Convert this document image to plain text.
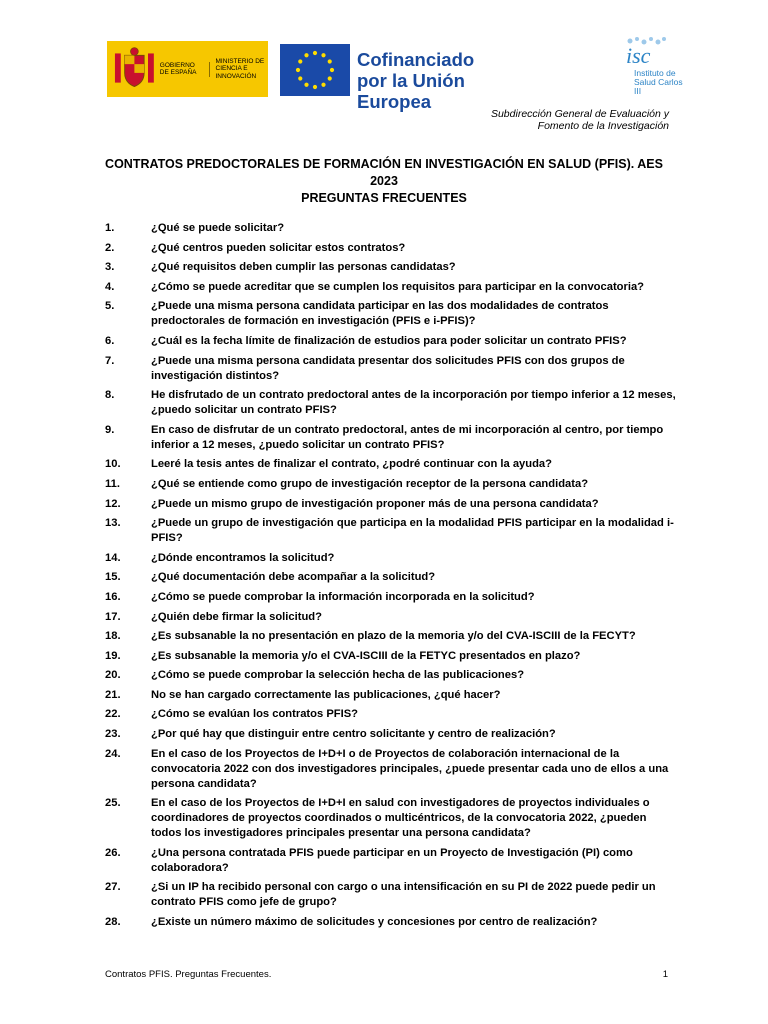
GOBIERNO DE ESPAÑA
MINISTERIO DE CIENCIA E INNOVACIÓN
Cofinanciado por la Unión Europea
isc
Instituto de Salud Carlos III
Subdirección General de Evaluación y
Fomento de la Investigación
CONTRATOS PREDOCTORALES DE FORMACIÓN EN INVESTIGACIÓN EN SALUD (PFIS). AES 2023
PREGUNTAS FRECUENTES
1.	¿Qué se puede solicitar?
2.	¿Qué centros pueden solicitar estos contratos?
3.	¿Qué requisitos deben cumplir las personas candidatas?
4.	¿Cómo se puede acreditar que se cumplen los requisitos para participar en la convocatoria?
5.	¿Puede una misma persona candidata participar en las dos modalidades de contratos predoctorales de formación en investigación (PFIS e i-PFIS)?
6.	¿Cuál es la fecha límite de finalización de estudios para poder solicitar un contrato PFIS?
7.	¿Puede una misma persona candidata presentar dos solicitudes PFIS con dos grupos de investigación distintos?
8.	He disfrutado de un contrato predoctoral antes de la incorporación por tiempo inferior a 12 meses, ¿puedo solicitar un contrato PFIS?
9.	En caso de disfrutar de un contrato predoctoral, antes de mi incorporación al centro, por tiempo inferior a 12 meses, ¿puedo solicitar un contrato PFIS?
10.	Leeré la tesis antes de finalizar el contrato, ¿podré continuar con la ayuda?
11.	¿Qué se entiende como grupo de investigación receptor de la persona candidata?
12.	¿Puede un mismo grupo de investigación proponer más de una persona candidata?
13.	¿Puede un grupo de investigación que participa en la modalidad PFIS participar en la modalidad i-PFIS?
14.	¿Dónde encontramos la solicitud?
15.	¿Qué documentación debe acompañar a la solicitud?
16.	¿Cómo se puede comprobar la información incorporada en la solicitud?
17.	¿Quién debe firmar la solicitud?
18.	¿Es subsanable la no presentación en plazo de la memoria y/o del CVA-ISCIII de la FECYT?
19.	¿Es subsanable la memoria y/o el CVA-ISCIII de la FETYC presentados en plazo?
20.	¿Cómo se puede comprobar la selección hecha de las publicaciones?
21.	No se han cargado correctamente las publicaciones, ¿qué hacer?
22.	¿Cómo se evalúan los contratos PFIS?
23.	¿Por qué hay que distinguir entre centro solicitante y centro de realización?
24.	En el caso de los Proyectos de I+D+I o de Proyectos de colaboración internacional de la convocatoria 2022 con dos investigadores principales, ¿puede presentar cada uno de ellos a una persona candidata?
25.	En el caso de los Proyectos de I+D+I en salud con investigadores de proyectos individuales o coordinadores de proyectos coordinados o multicéntricos, de la convocatoria 2022, ¿pueden todos los investigadores principales presentar una persona candidata?
26.	¿Una persona contratada PFIS puede participar en un Proyecto de Investigación (PI) como colaboradora?
27.	¿Si un IP ha recibido personal con cargo o una intensificación en su PI de 2022 puede pedir un contrato PFIS como jefe de grupo?
28.	¿Existe un número máximo de solicitudes y concesiones por centro de realización?
Contratos PFIS. Preguntas Frecuentes.	1
